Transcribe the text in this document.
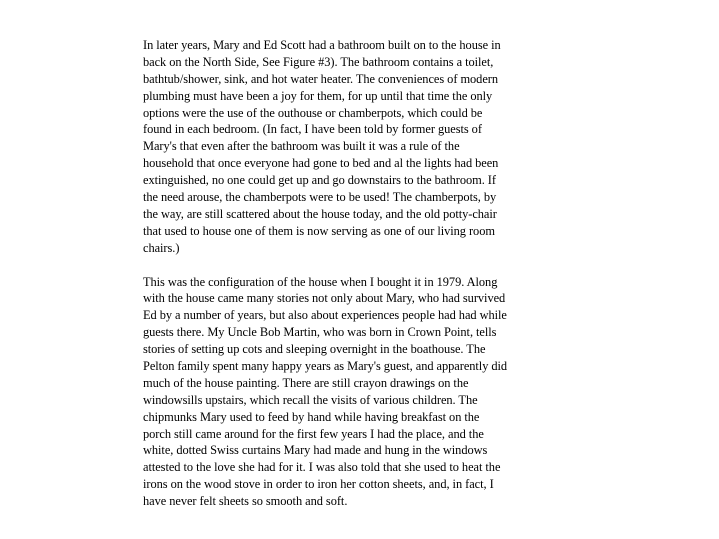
In later years, Mary and Ed Scott had a bathroom built on to the house in
back on the North Side, See Figure #3). The bathroom contains a toilet,
bathtub/shower, sink, and hot water heater. The conveniences of modern
plumbing must have been a joy for them, for up until that time the only
options were the use of the outhouse or chamberpots, which could be
found in each bedroom. (In fact, I have been told by former guests of
Mary's that even after the bathroom was built it was a rule of the
household that once everyone had gone to bed and al the lights had been
extinguished, no one could get up and go downstairs to the bathroom. If
the need arouse, the chamberpots were to be used! The chamberpots, by
the way, are still scattered about the house today, and the old potty-chair
that used to house one of them is now serving as one of our living room
chairs.)
This was the configuration of the house when I bought it in 1979. Along
with the house came many stories not only about Mary, who had survived
Ed by a number of years, but also about experiences people had had while
guests there. My Uncle Bob Martin, who was born in Crown Point, tells
stories of setting up cots and sleeping overnight in the boathouse. The
Pelton family spent many happy years as Mary's guest, and apparently did
much of the house painting. There are still crayon drawings on the
windowsills upstairs, which recall the visits of various children. The
chipmunks Mary used to feed by hand while having breakfast on the
porch still came around for the first few years I had the place, and the
white, dotted Swiss curtains Mary had made and hung in the windows
attested to the love she had for it. I was also told that she used to heat the
irons on the wood stove in order to iron her cotton sheets, and, in fact, I
have never felt sheets so smooth and soft.
